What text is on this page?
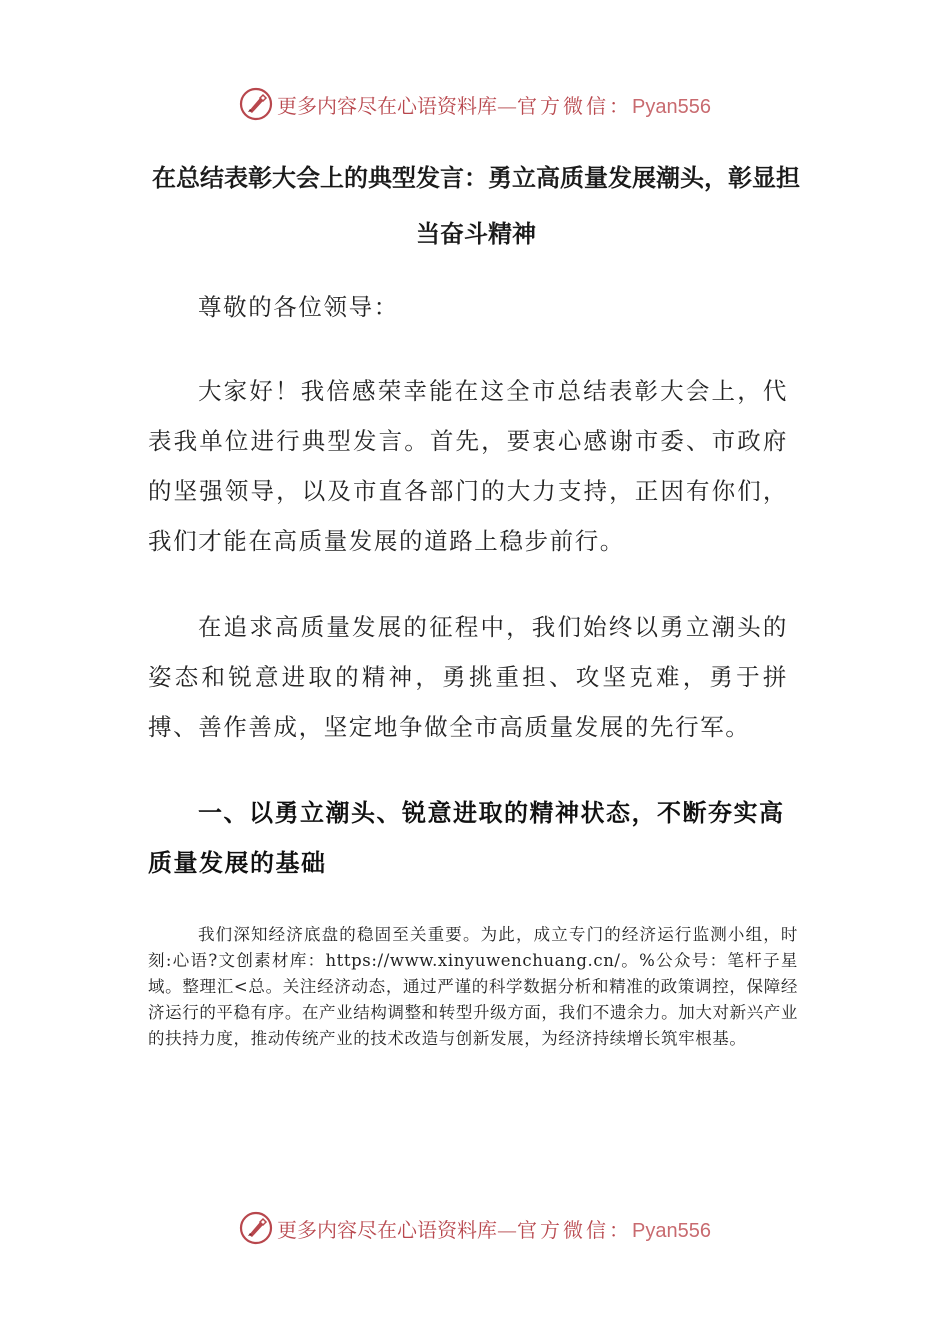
更多内容尽在心语资料库—官方微信：Pyan556
在总结表彰大会上的典型发言：勇立高质量发展潮头，彰显担当奋斗精神

尊敬的各位领导：

大家好！我倍感荣幸能在这全市总结表彰大会上，代表我单位进行典型发言。首先，要衷心感谢市委、市政府的坚强领导，以及市直各部门的大力支持，正因有你们，我们才能在高质量发展的道路上稳步前行。

在追求高质量发展的征程中，我们始终以勇立潮头的姿态和锐意进取的精神，勇挑重担、攻坚克难，勇于拼搏、善作善成，坚定地争做全市高质量发展的先行军。

一、以勇立潮头、锐意进取的精神状态，不断夯实高质量发展的基础

我们深知经济底盘的稳固至关重要。为此，成立专门的经济运行监测小组，时刻:心语?文创素材库：https://www.xinyuwenchuang.cn/。%公众号：笔杆子星域。整理汇<总。关注经济动态，通过严谨的科学数据分析和精准的政策调控，保障经济运行的平稳有序。在产业结构调整和转型升级方面，我们不遗余力。加大对新兴产业的扶持力度，推动传统产业的技术改造与创新发展，为经济持续增长筑牢根基。

更多内容尽在心语资料库—官方微信：Pyan556
